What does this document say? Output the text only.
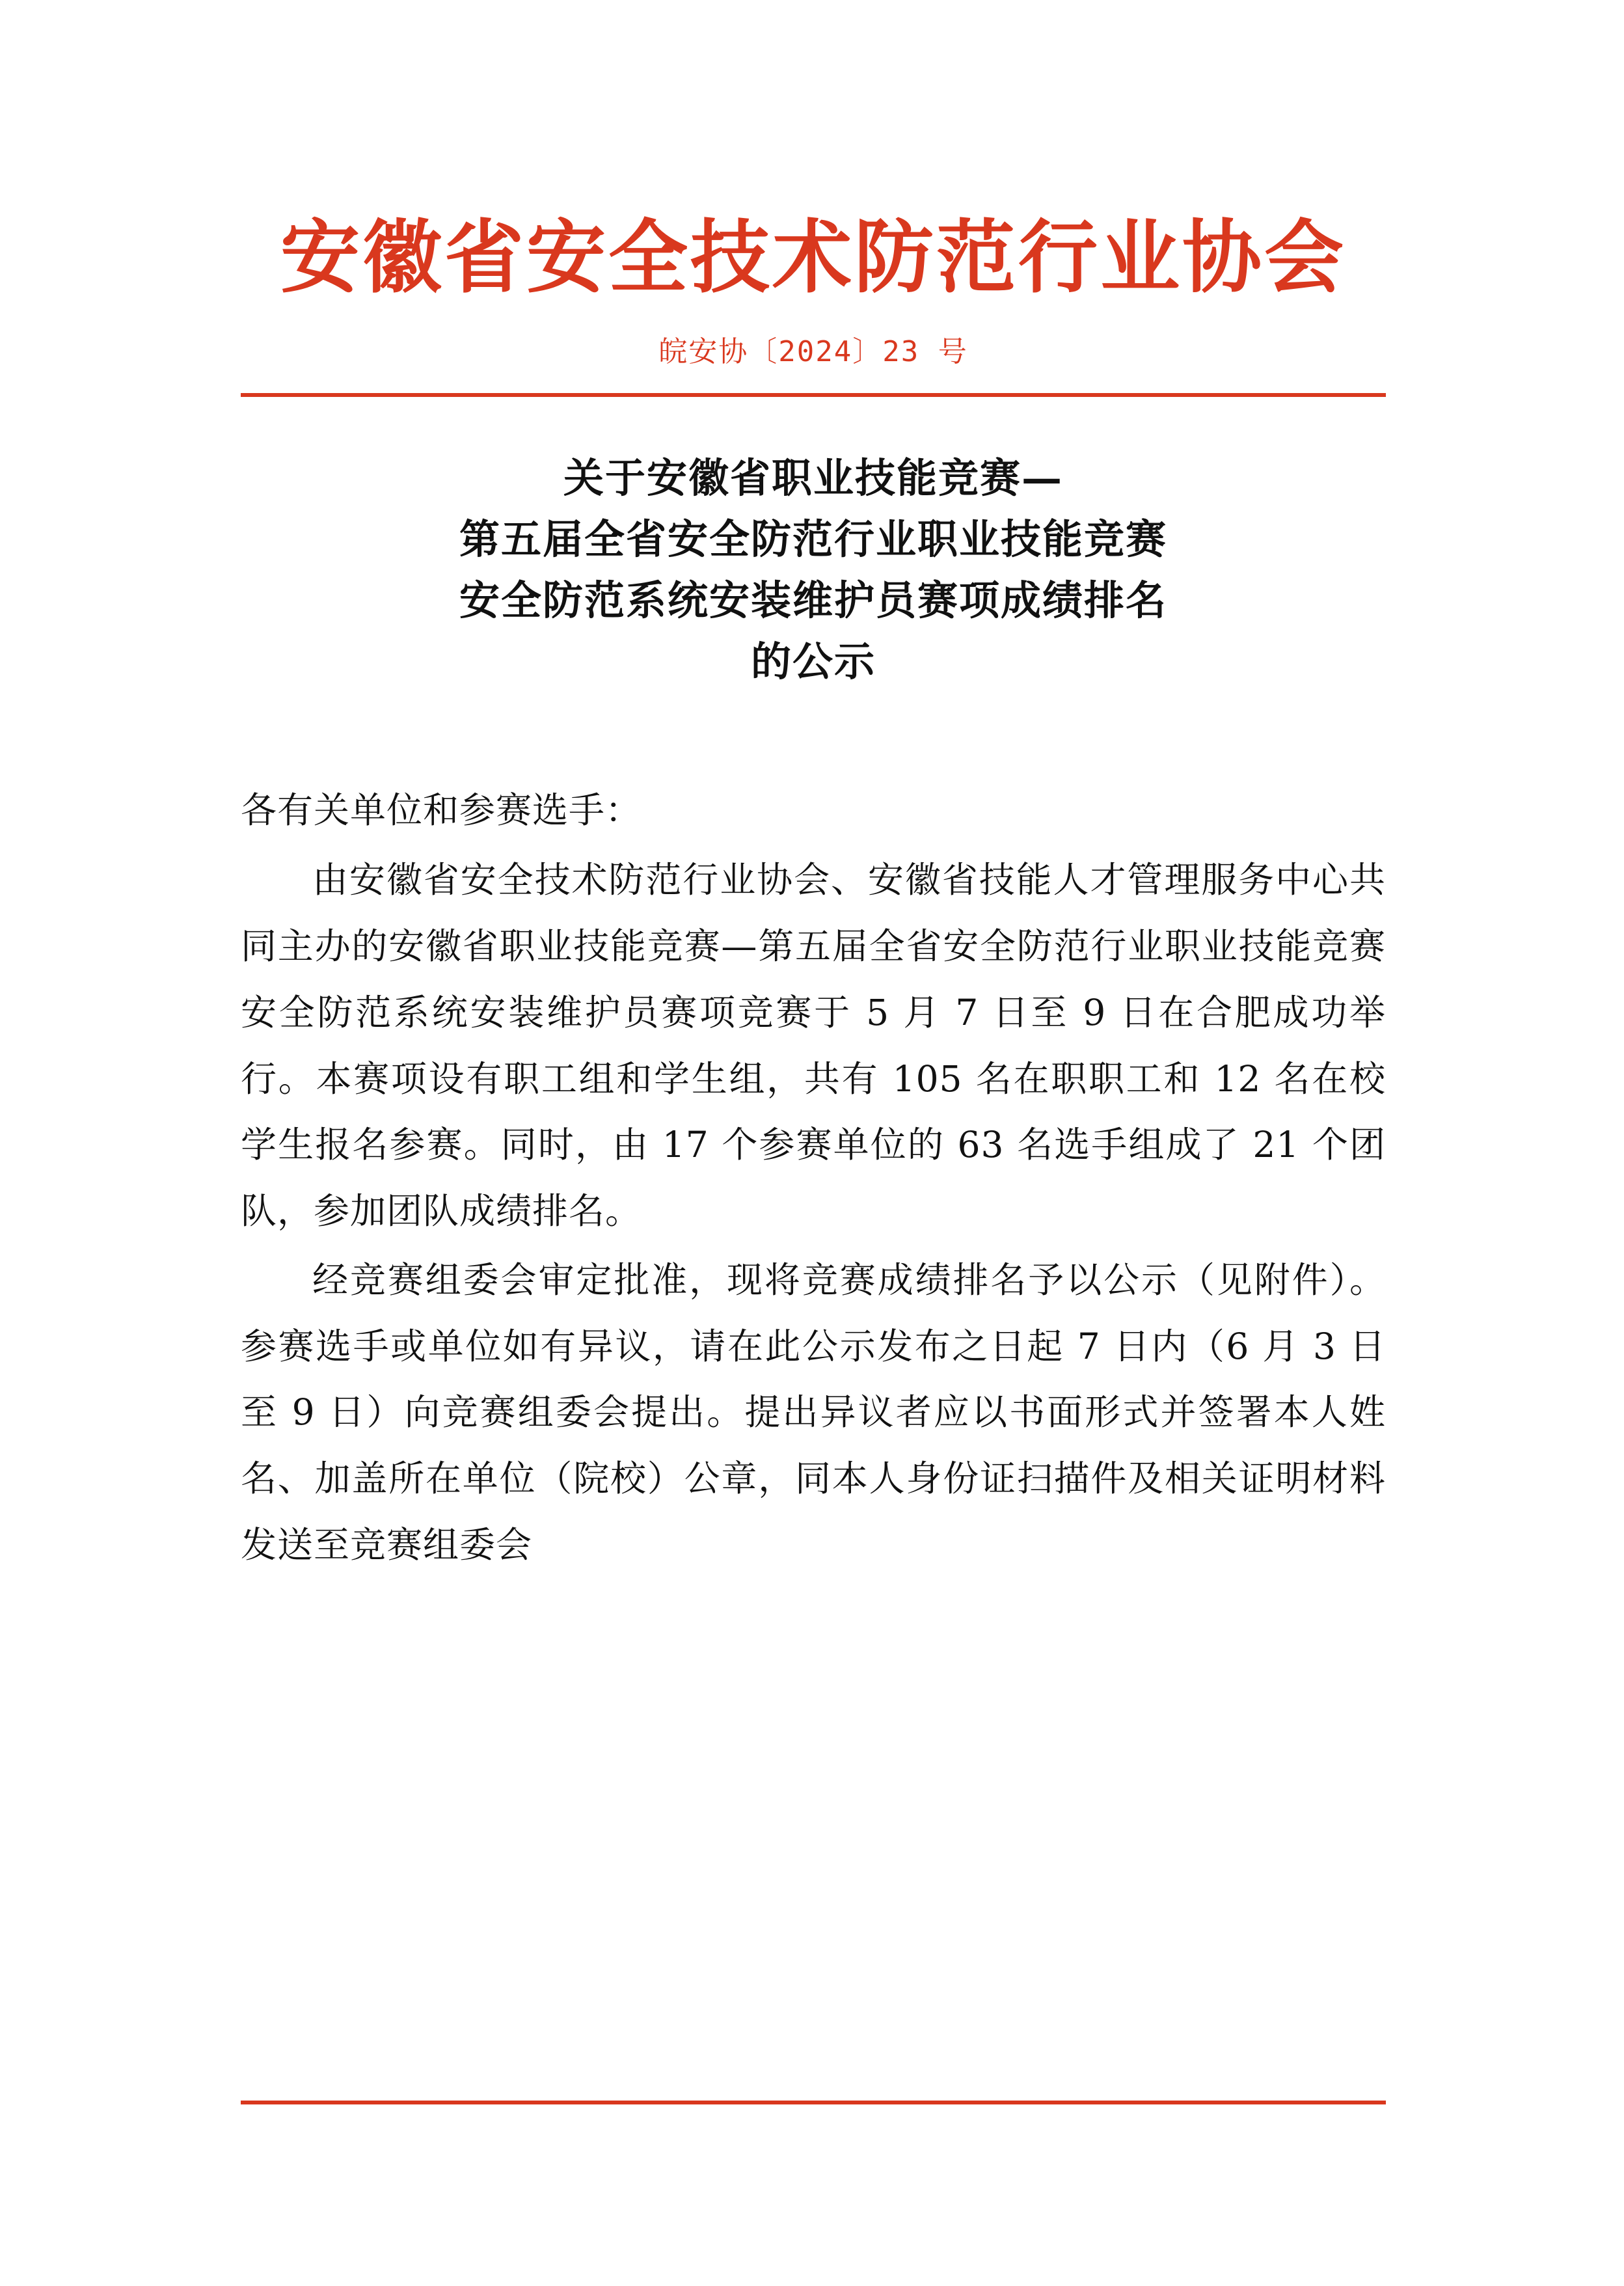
安徽省安全技术防范行业协会
皖安协〔2024〕23 号
关于安徽省职业技能竞赛—
第五届全省安全防范行业职业技能竞赛
安全防范系统安装维护员赛项成绩排名
的公示

各有关单位和参赛选手：

由安徽省安全技术防范行业协会、安徽省技能人才管理服务中心共同主办的安徽省职业技能竞赛—第五届全省安全防范行业职业技能竞赛安全防范系统安装维护员赛项竞赛于 5 月 7 日至 9 日在合肥成功举行。本赛项设有职工组和学生组，共有 105 名在职职工和 12 名在校学生报名参赛。同时，由 17 个参赛单位的 63 名选手组成了 21 个团队，参加团队成绩排名。

经竞赛组委会审定批准，现将竞赛成绩排名予以公示（见附件）。参赛选手或单位如有异议，请在此公示发布之日起 7 日内（6 月 3 日至 9 日）向竞赛组委会提出。提出异议者应以书面形式并签署本人姓名、加盖所在单位（院校）公章，同本人身份证扫描件及相关证明材料发送至竞赛组委会
